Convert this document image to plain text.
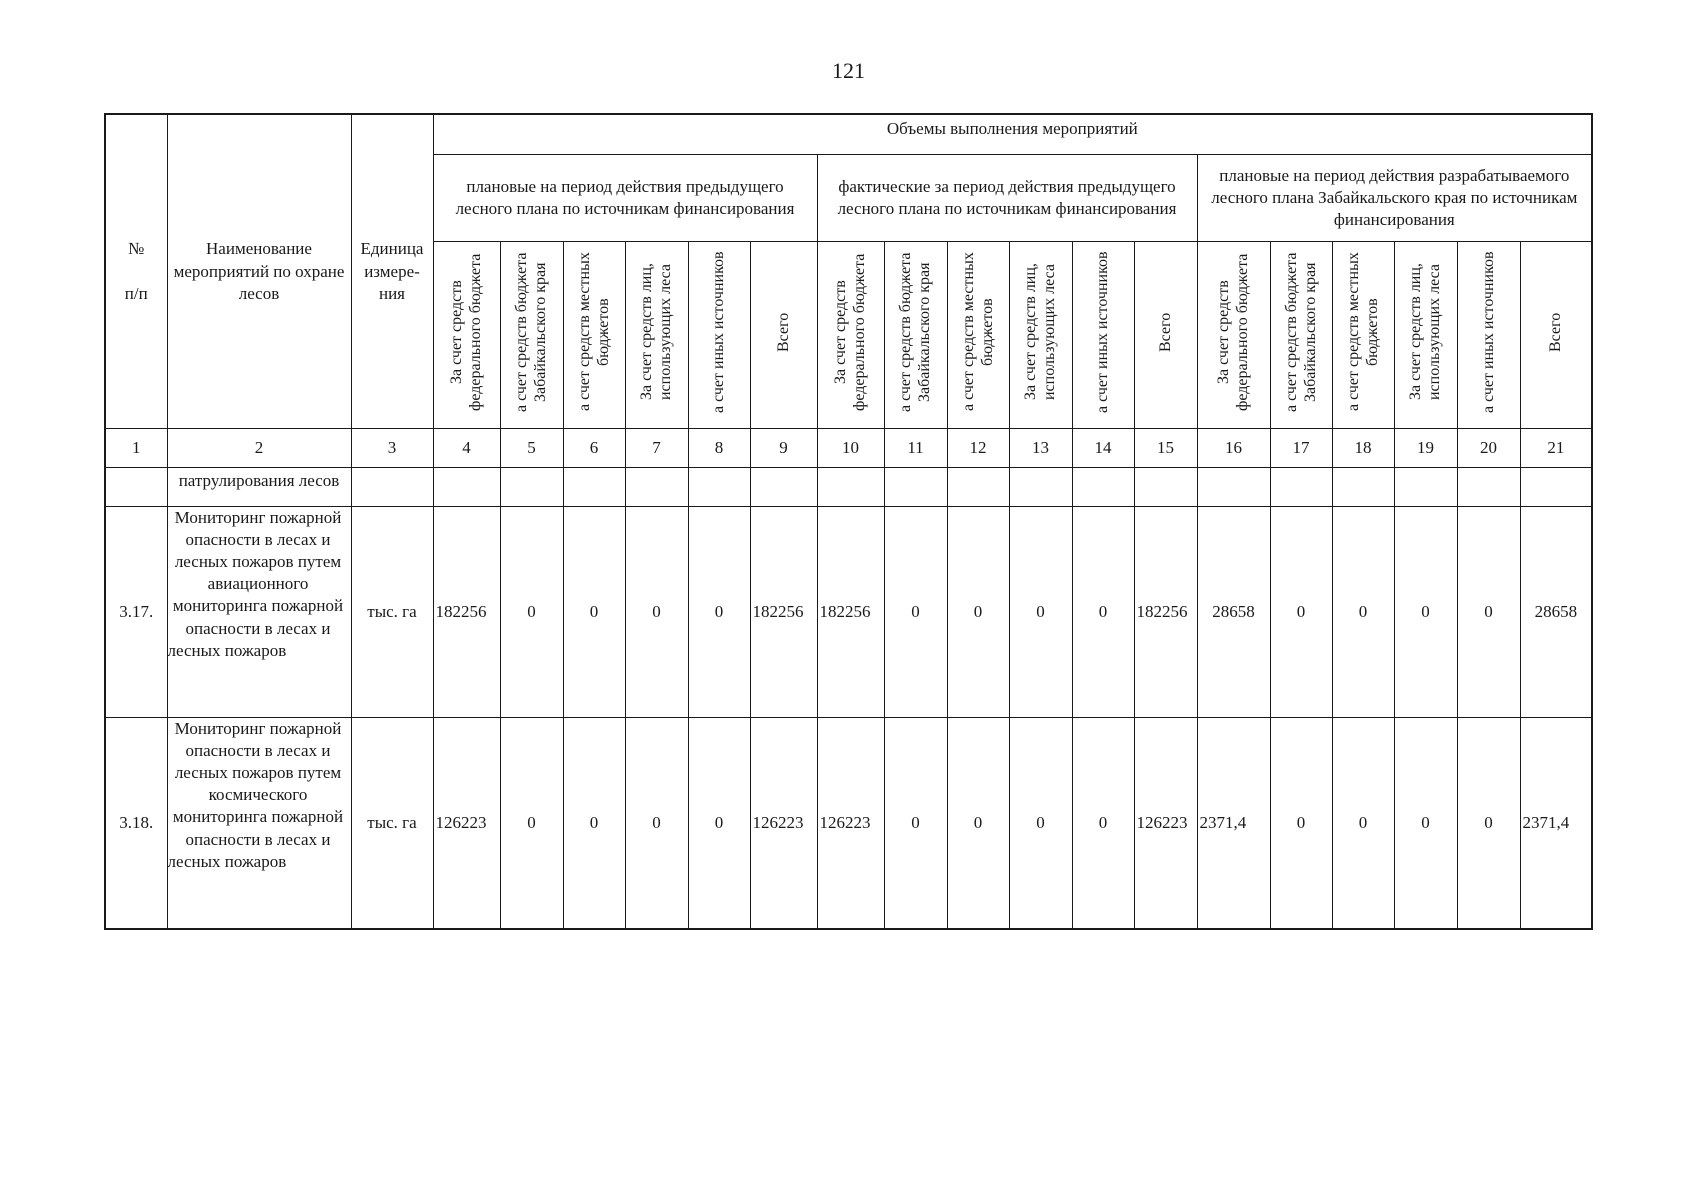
121
№

п/п	Наименование мероприятий по охране лесов	Единица измере-ния	Объемы выполнения мероприятий																	
			плановые на период действия предыдущего лесного плана по источникам финансирования						фактические за период действия предыдущего лесного плана по источникам финансирования						плановые на период действия разрабатываемого лесного плана Забайкальского края по источникам финансирования					
			За счет средств федерального бюджета	а счет средств бюджета Забайкальского края	а счет средств местных бюджетов	За счет средств лиц, использующих леса	а счет иных источников	Всего	За счет средств федерального бюджета	а счет средств бюджета Забайкальского края	а счет средств местных бюджетов	За счет средств лиц, использующих леса	а счет иных источников	Всего	За счет средств федерального бюджета	а счет средств бюджета Забайкальского края	а счет средств местных бюджетов	За счет средств лиц, использующих леса	а счет иных источников	Всего
1	2	3	4	5	6	7	8	9	10	11	12	13	14	15	16	17	18	19	20	21
	патрулирования лесов																			
3.17.	Мониторинг пожарной опасности в лесах и лесных пожаров путем авиационного мониторинга пожарной опасности в лесах и лесных пожаров	тыс. га	182256	0	0	0	0	182256	182256	0	0	0	0	182256	28658	0	0	0	0	28658
3.18.	Мониторинг пожарной опасности в лесах и лесных пожаров путем космического мониторинга пожарной опасности в лесах и лесных пожаров	тыс. га	126223	0	0	0	0	126223	126223	0	0	0	0	126223	2371,4	0	0	0	0	2371,4
